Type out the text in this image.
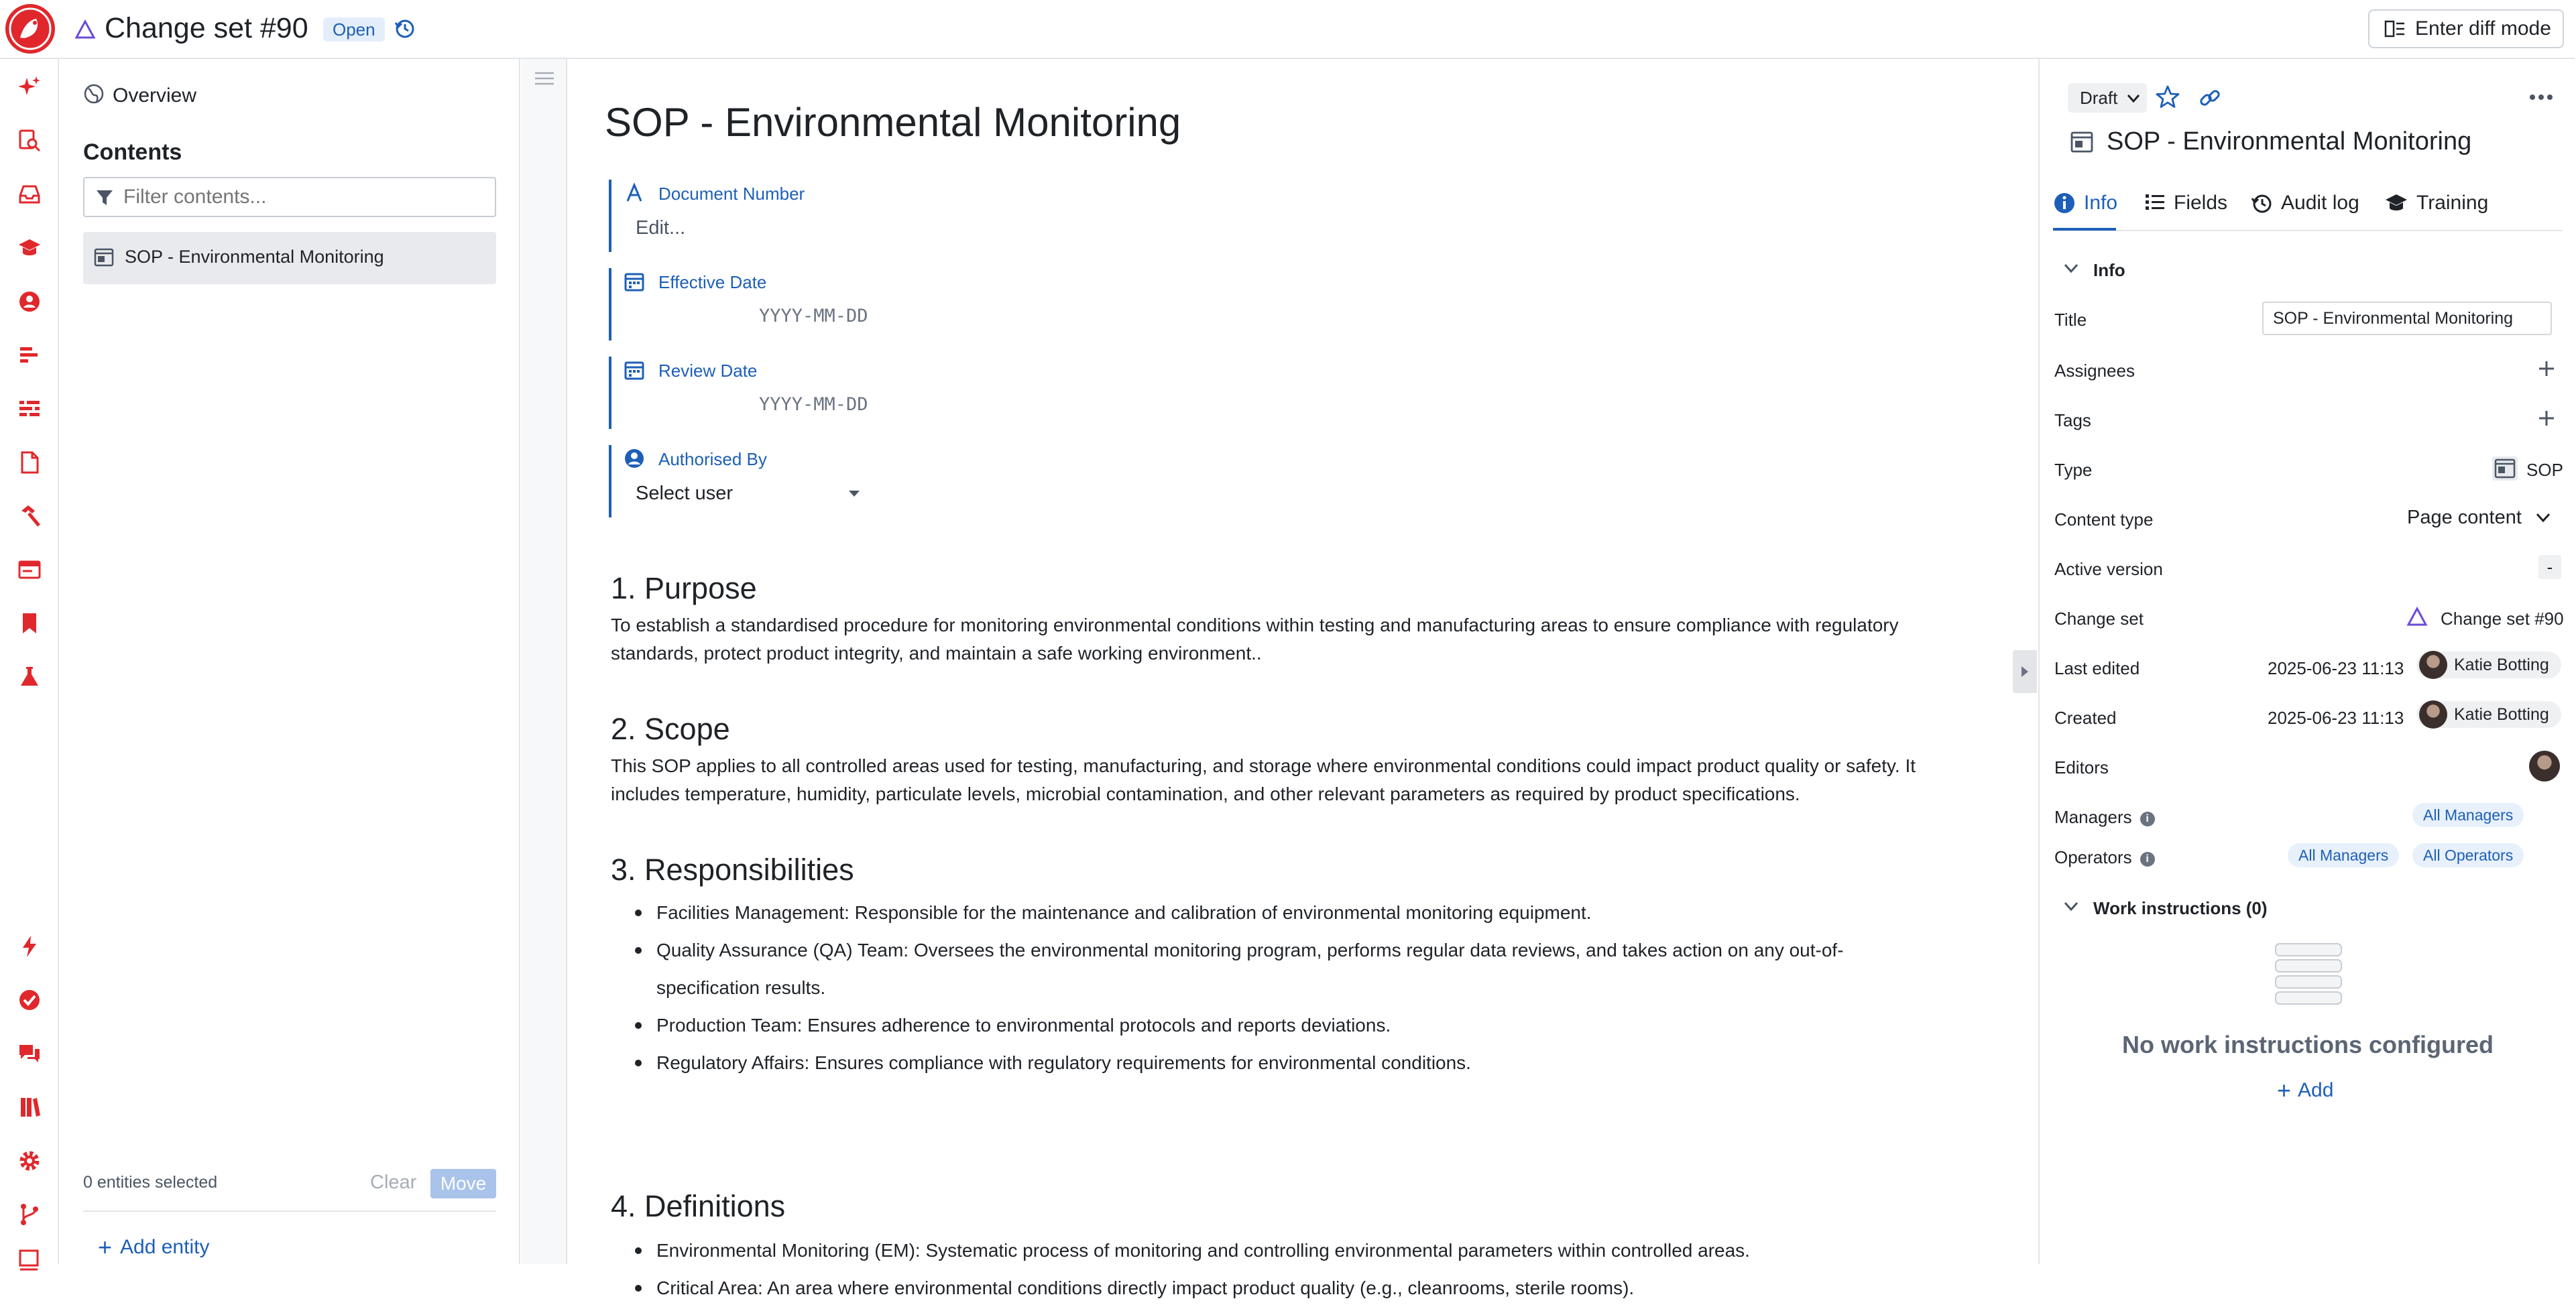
Change set #90	Open	Enter diff mode
Overview
Contents
Filter contents...
SOP - Environmental Monitoring
0 entities selected	Clear	Move
+ Add entity
SOP - Environmental Monitoring
Document Number
Edit...
Effective Date
YYYY-MM-DD
Review Date
YYYY-MM-DD
Authorised By
Select user
1. Purpose
To establish a standardised procedure for monitoring environmental conditions within testing and manufacturing areas to ensure compliance with regulatory
standards, protect product integrity, and maintain a safe working environment..
2. Scope
This SOP applies to all controlled areas used for testing, manufacturing, and storage where environmental conditions could impact product quality or safety. It
includes temperature, humidity, particulate levels, microbial contamination, and other relevant parameters as required by product specifications.
3. Responsibilities
Facilities Management: Responsible for the maintenance and calibration of environmental monitoring equipment.
Quality Assurance (QA) Team: Oversees the environmental monitoring program, performs regular data reviews, and takes action on any out-of-
specification results.
Production Team: Ensures adherence to environmental protocols and reports deviations.
Regulatory Affairs: Ensures compliance with regulatory requirements for environmental conditions.
4. Definitions
Environmental Monitoring (EM): Systematic process of monitoring and controlling environmental parameters within controlled areas.
Critical Area: An area where environmental conditions directly impact product quality (e.g., cleanrooms, sterile rooms).
Draft
SOP - Environmental Monitoring
Info	Fields	Audit log	Training
Info
Title	SOP - Environmental Monitoring
Assignees
Tags
Type	SOP
Content type	Page content
Active version	-
Change set	Change set #90
Last edited	2025-06-23 11:13	Katie Botting
Created	2025-06-23 11:13	Katie Botting
Editors
Managers i	All Managers
Operators i	All Managers	All Operators
Work instructions (0)
No work instructions configured
+ Add
